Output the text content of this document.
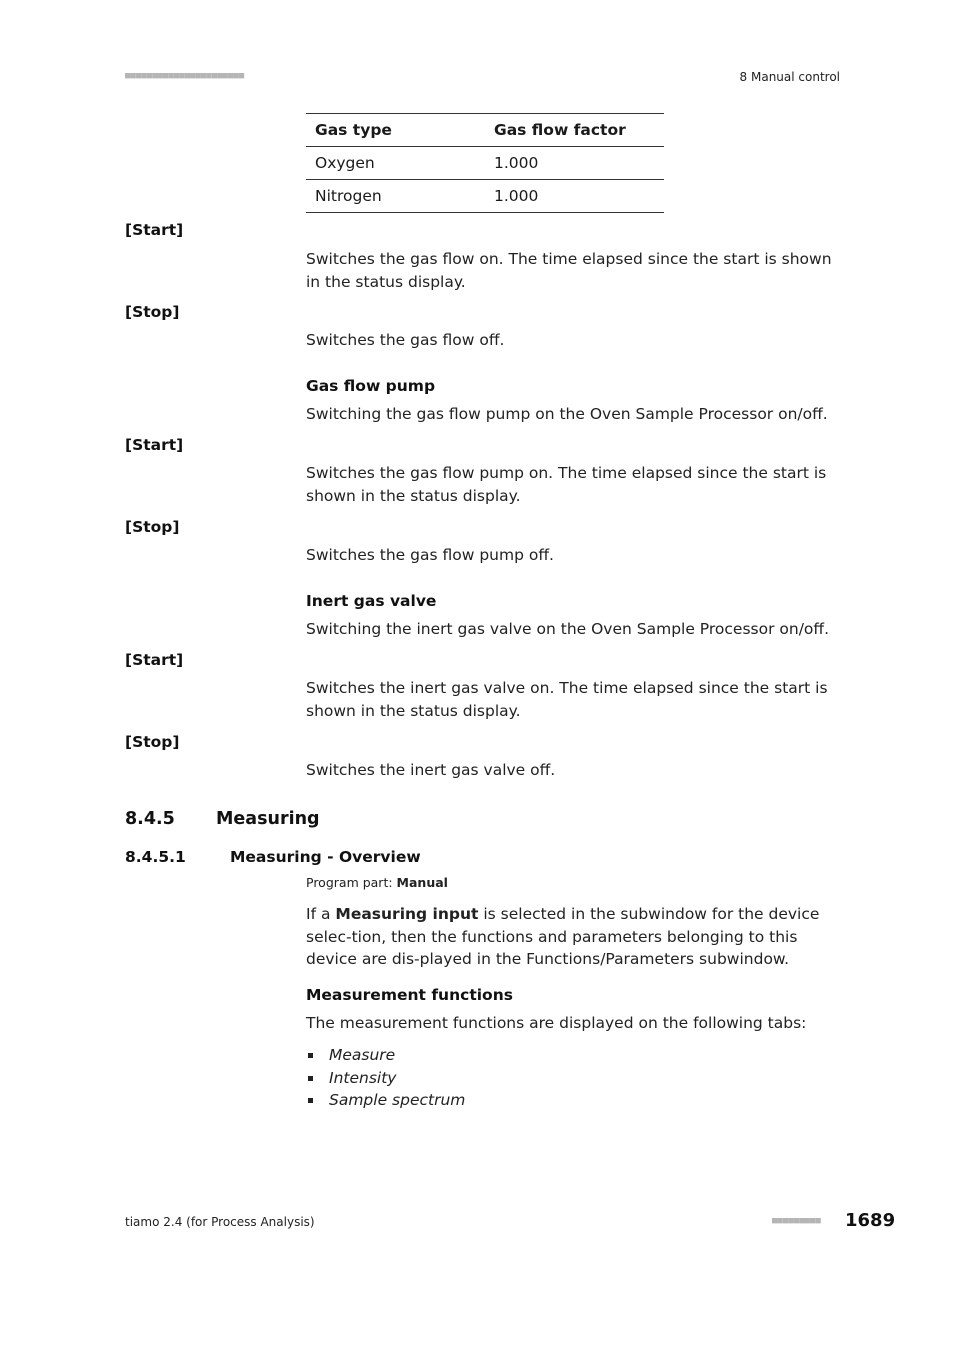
■■■■■■■■■■■■■■■■■■■■■■	8 Manual control
Gas type	Gas flow factor
Oxygen	1.000
Nitrogen	1.000
[Start]
Switches the gas flow on. The time elapsed since the start is shown in the status display.
[Stop]
Switches the gas flow off.
Gas flow pump
Switching the gas flow pump on the Oven Sample Processor on/off.
[Start]
Switches the gas flow pump on. The time elapsed since the start is shown in the status display.
[Stop]
Switches the gas flow pump off.
Inert gas valve
Switching the inert gas valve on the Oven Sample Processor on/off.
[Start]
Switches the inert gas valve on. The time elapsed since the start is shown in the status display.
[Stop]
Switches the inert gas valve off.
8.4.5 Measuring
8.4.5.1	Measuring - Overview
Program part: Manual
If a Measuring input is selected in the subwindow for the device selec-tion, then the functions and parameters belonging to this device are dis-played in the Functions/Parameters subwindow.
Measurement functions
The measurement functions are displayed on the following tabs:
Measure
Intensity
Sample spectrum
tiamo 2.4 (for Process Analysis)	■■■■■■■■■ 1689
